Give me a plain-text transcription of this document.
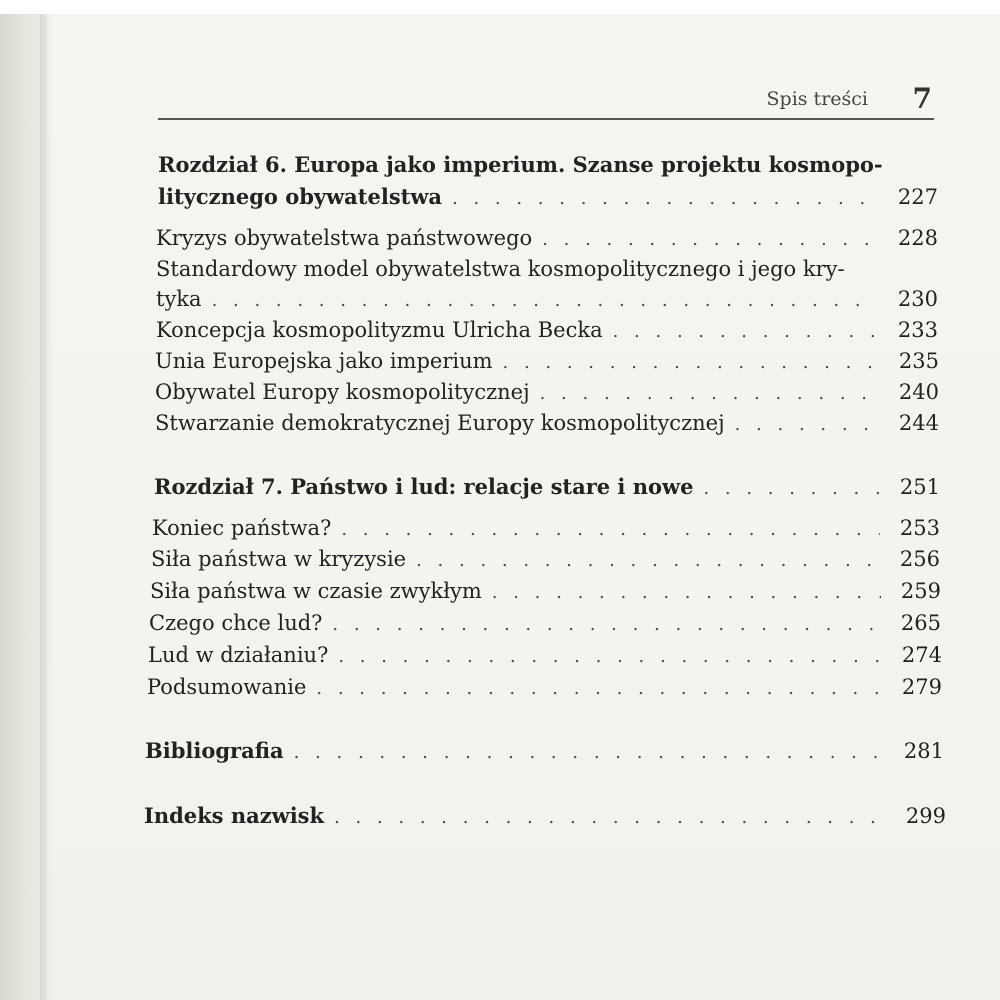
Spis treści 7
Rozdział 6. Europa jako imperium. Szanse projektu kosmopo-
litycznego obywatelstwa . . .	227
Kryzys obywatelstwa państwowego . . .	228
Standardowy model obywatelstwa kosmopolitycznego i jego kry-
tyka . . .	230
Koncepcja kosmopolityzmu Ulricha Becka . . .	233
Unia Europejska jako imperium . . .	235
Obywatel Europy kosmopolitycznej . . .	240
Stwarzanie demokratycznej Europy kosmopolitycznej . . .	244
Rozdział 7. Państwo i lud: relacje stare i nowe . . .	251
Koniec państwa? . . .	253
Siła państwa w kryzysie . . .	256
Siła państwa w czasie zwykłym . . .	259
Czego chce lud? . . .	265
Lud w działaniu? . . .	274
Podsumowanie . . .	279
Bibliografia . . .	281
Indeks nazwisk . . .	299
